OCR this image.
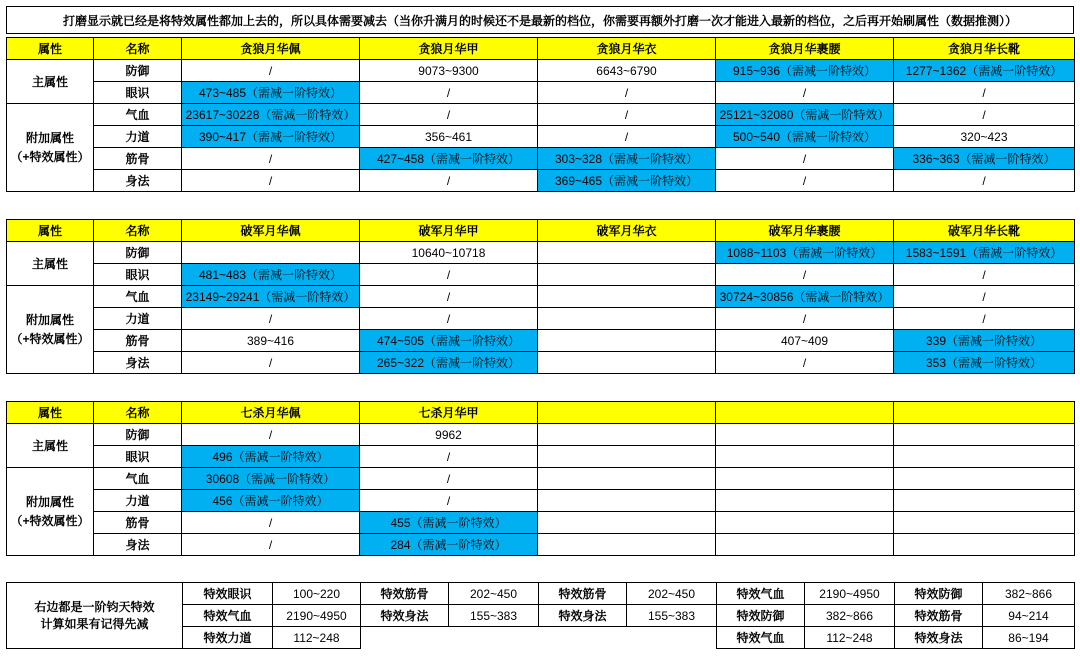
打磨显示就已经是将特效属性都加上去的，所以具体需要减去（当你升满月的时候还不是最新的档位，你需要再额外打磨一次才能进入最新的档位，之后再开始刷属性（数据推测））
属性	名称	贪狼月华佩	贪狼月华甲	贪狼月华衣	贪狼月华裹腰	贪狼月华长靴
主属性	防御	/	9073~9300	6643~6790	915~936（需减一阶特效）	1277~1362（需减一阶特效）
	眼识	473~485（需减一阶特效）	/	/	/	/
附加属性
（+特效属性）	气血	23617~30228（需减一阶特效）	/	/	25121~32080（需减一阶特效）	/
	力道	390~417（需减一阶特效）	356~461	/	500~540（需减一阶特效）	320~423
	筋骨	/	427~458（需减一阶特效）	303~328（需减一阶特效）	/	336~363（需减一阶特效）
	身法	/	/	369~465（需减一阶特效）	/	/
属性	名称	破军月华佩	破军月华甲	破军月华衣	破军月华裹腰	破军月华长靴
主属性	防御		10640~10718		1088~1103（需减一阶特效）	1583~1591（需减一阶特效）
	眼识	481~483（需减一阶特效）	/		/	/
附加属性
（+特效属性）	气血	23149~29241（需减一阶特效）	/		30724~30856（需减一阶特效）	/
	力道	/	/		/	/
	筋骨	389~416	474~505（需减一阶特效）		407~409	339（需减一阶特效）
	身法	/	265~322（需减一阶特效）		/	353（需减一阶特效）
属性	名称	七杀月华佩	七杀月华甲			
主属性	防御	/	9962			
	眼识	496（需减一阶特效）	/			
附加属性
（+特效属性）	气血	30608（需减一阶特效）	/			
	力道	456（需减一阶特效）	/			
	筋骨	/	455（需减一阶特效）			
	身法	/	284（需减一阶特效）			
右边都是一阶钧天特效
计算如果有记得先减	特效眼识	100~220	特效筋骨	202~450	特效筋骨	202~450	特效气血	2190~4950	特效防御	382~866
	特效气血	2190~4950	特效身法	155~383	特效身法	155~383	特效防御	382~866	特效筋骨	94~214
	特效力道	112~248					特效气血	112~248	特效身法	86~194
